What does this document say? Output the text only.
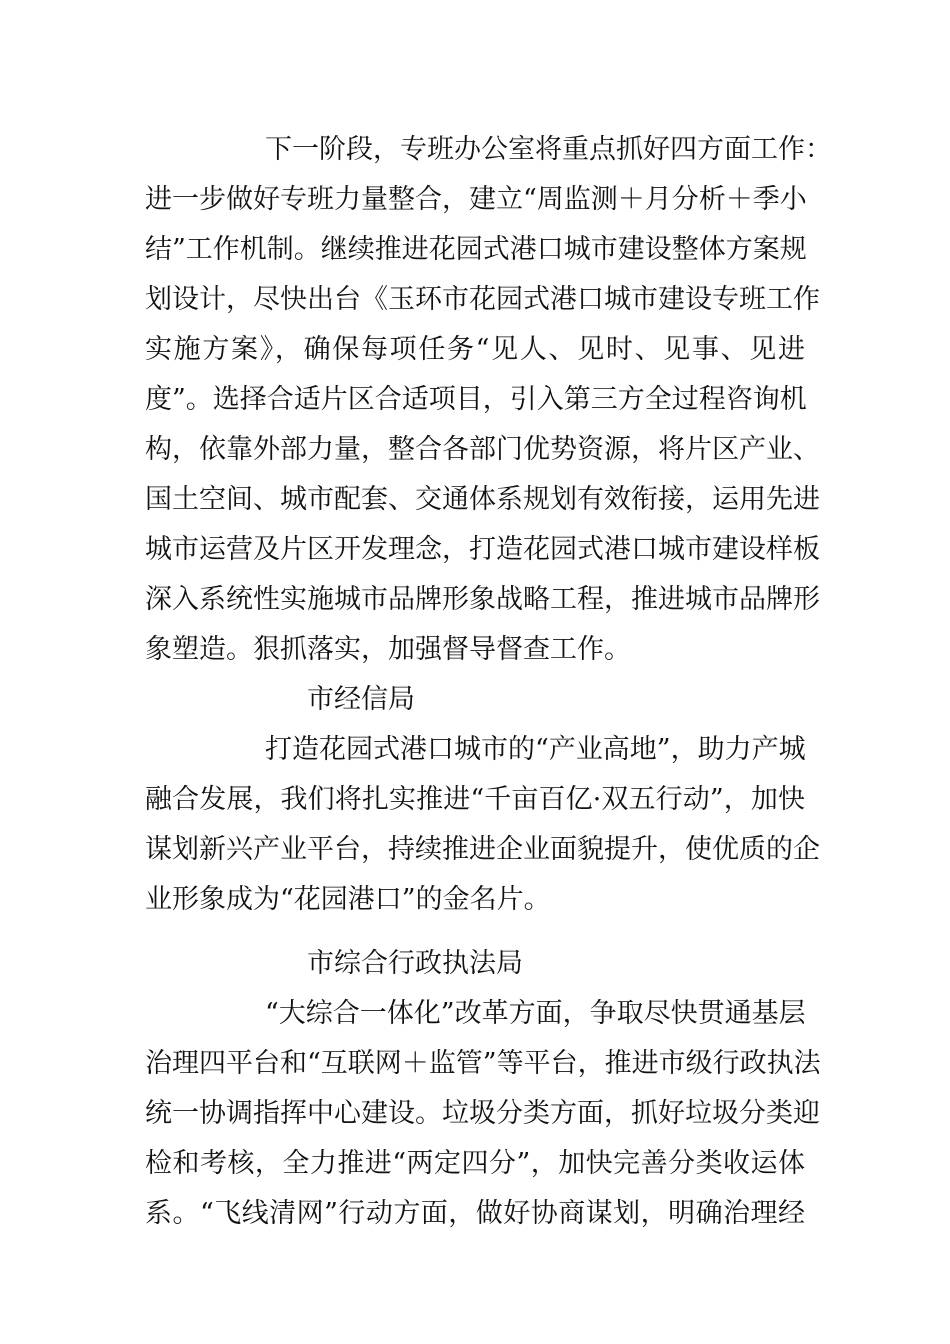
下一阶段，专班办公室将重点抓好四方面工作：

进一步做好专班力量整合，建立“周监测＋月分析＋季小

结”工作机制。继续推进花园式港口城市建设整体方案规

划设计，尽快出台《玉环市花园式港口城市建设专班工作

实施方案》，确保每项任务“见人、见时、见事、见进

度”。选择合适片区合适项目，引入第三方全过程咨询机

构，依靠外部力量，整合各部门优势资源，将片区产业、

国土空间、城市配套、交通体系规划有效衔接，运用先进

城市运营及片区开发理念，打造花园式港口城市建设样板

深入系统性实施城市品牌形象战略工程，推进城市品牌形

象塑造。狠抓落实，加强督导督查工作。

市经信局

打造花园式港口城市的“产业高地”，助力产城

融合发展，我们将扎实推进“千亩百亿·双五行动”，加快

谋划新兴产业平台，持续推进企业面貌提升，使优质的企

业形象成为“花园港口”的金名片。

市综合行政执法局

“大综合一体化”改革方面，争取尽快贯通基层

治理四平台和“互联网＋监管”等平台，推进市级行政执法

统一协调指挥中心建设。垃圾分类方面，抓好垃圾分类迎

检和考核，全力推进“两定四分”，加快完善分类收运体

系。“飞线清网”行动方面，做好协商谋划，明确治理经
